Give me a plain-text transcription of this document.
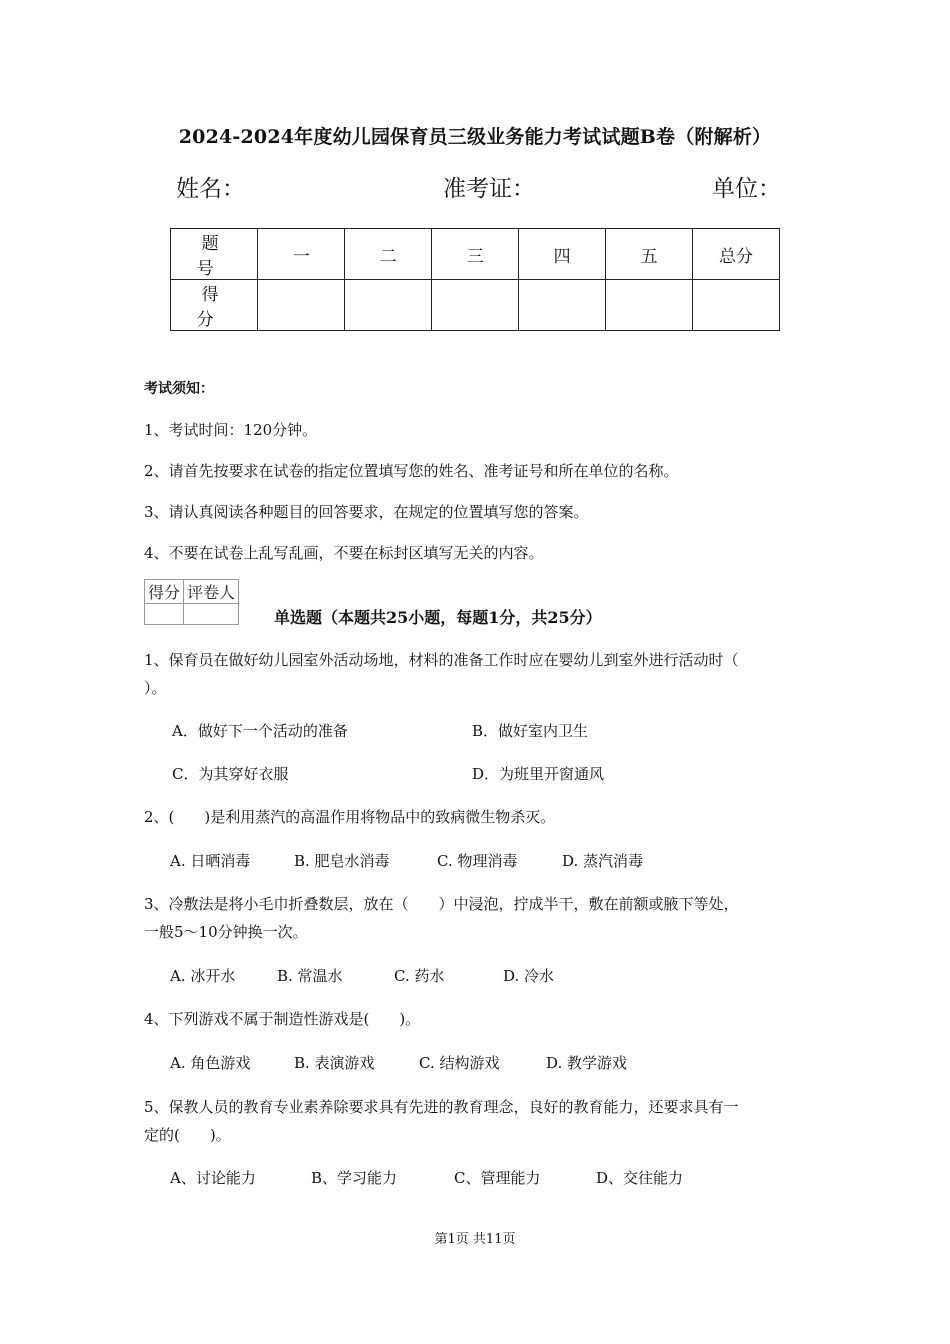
2024-2024年度幼儿园保育员三级业务能力考试试题B卷（附解析）
姓名：	准考证：	单位：
题 号	一	二	三	四	五	总分
得 分						
考试须知：
1、考试时间：120分钟。
2、请首先按要求在试卷的指定位置填写您的姓名、准考证号和所在单位的名称。
3、请认真阅读各种题目的回答要求，在规定的位置填写您的答案。
4、不要在试卷上乱写乱画，不要在标封区填写无关的内容。
得分	评卷人

单选题（本题共25小题，每题1分，共25分）
1、保育员在做好幼儿园室外活动场地，材料的准备工作时应在婴幼儿到室外进行活动时（
）。
A．做好下一个活动的准备	B．做好室内卫生
C．为其穿好衣服	D．为班里开窗通风
2、(　　)是利用蒸汽的高温作用将物品中的致病微生物杀灭。
A. 日晒消毒	B. 肥皂水消毒	C. 物理消毒	D. 蒸汽消毒
3、冷敷法是将小毛巾折叠数层，放在（　　）中浸泡，拧成半干，敷在前额或腋下等处，
一般5～10分钟换一次。
A. 冰开水	B. 常温水	C. 药水	D. 冷水
4、下列游戏不属于制造性游戏是(　　)。
A. 角色游戏	B. 表演游戏	C. 结构游戏	D. 教学游戏
5、保教人员的教育专业素养除要求具有先进的教育理念，良好的教育能力，还要求具有一
定的(　　)。
A、讨论能力	B、学习能力	C、管理能力	D、交往能力
第1页 共11页
